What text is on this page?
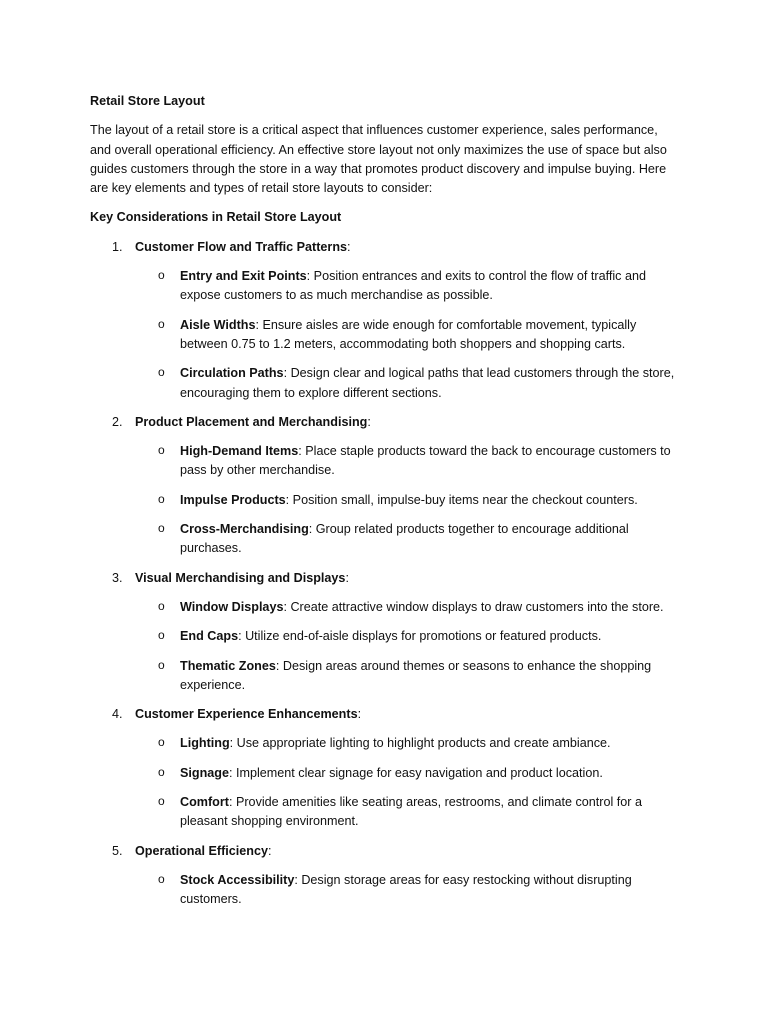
Retail Store Layout
The layout of a retail store is a critical aspect that influences customer experience, sales performance, and overall operational efficiency. An effective store layout not only maximizes the use of space but also guides customers through the store in a way that promotes product discovery and impulse buying. Here are key elements and types of retail store layouts to consider:
Key Considerations in Retail Store Layout
1. Customer Flow and Traffic Patterns:
o Entry and Exit Points: Position entrances and exits to control the flow of traffic and expose customers to as much merchandise as possible.
o Aisle Widths: Ensure aisles are wide enough for comfortable movement, typically between 0.75 to 1.2 meters, accommodating both shoppers and shopping carts.
o Circulation Paths: Design clear and logical paths that lead customers through the store, encouraging them to explore different sections.
2. Product Placement and Merchandising:
o High-Demand Items: Place staple products toward the back to encourage customers to pass by other merchandise.
o Impulse Products: Position small, impulse-buy items near the checkout counters.
o Cross-Merchandising: Group related products together to encourage additional purchases.
3. Visual Merchandising and Displays:
o Window Displays: Create attractive window displays to draw customers into the store.
o End Caps: Utilize end-of-aisle displays for promotions or featured products.
o Thematic Zones: Design areas around themes or seasons to enhance the shopping experience.
4. Customer Experience Enhancements:
o Lighting: Use appropriate lighting to highlight products and create ambiance.
o Signage: Implement clear signage for easy navigation and product location.
o Comfort: Provide amenities like seating areas, restrooms, and climate control for a pleasant shopping environment.
5. Operational Efficiency:
o Stock Accessibility: Design storage areas for easy restocking without disrupting customers.
